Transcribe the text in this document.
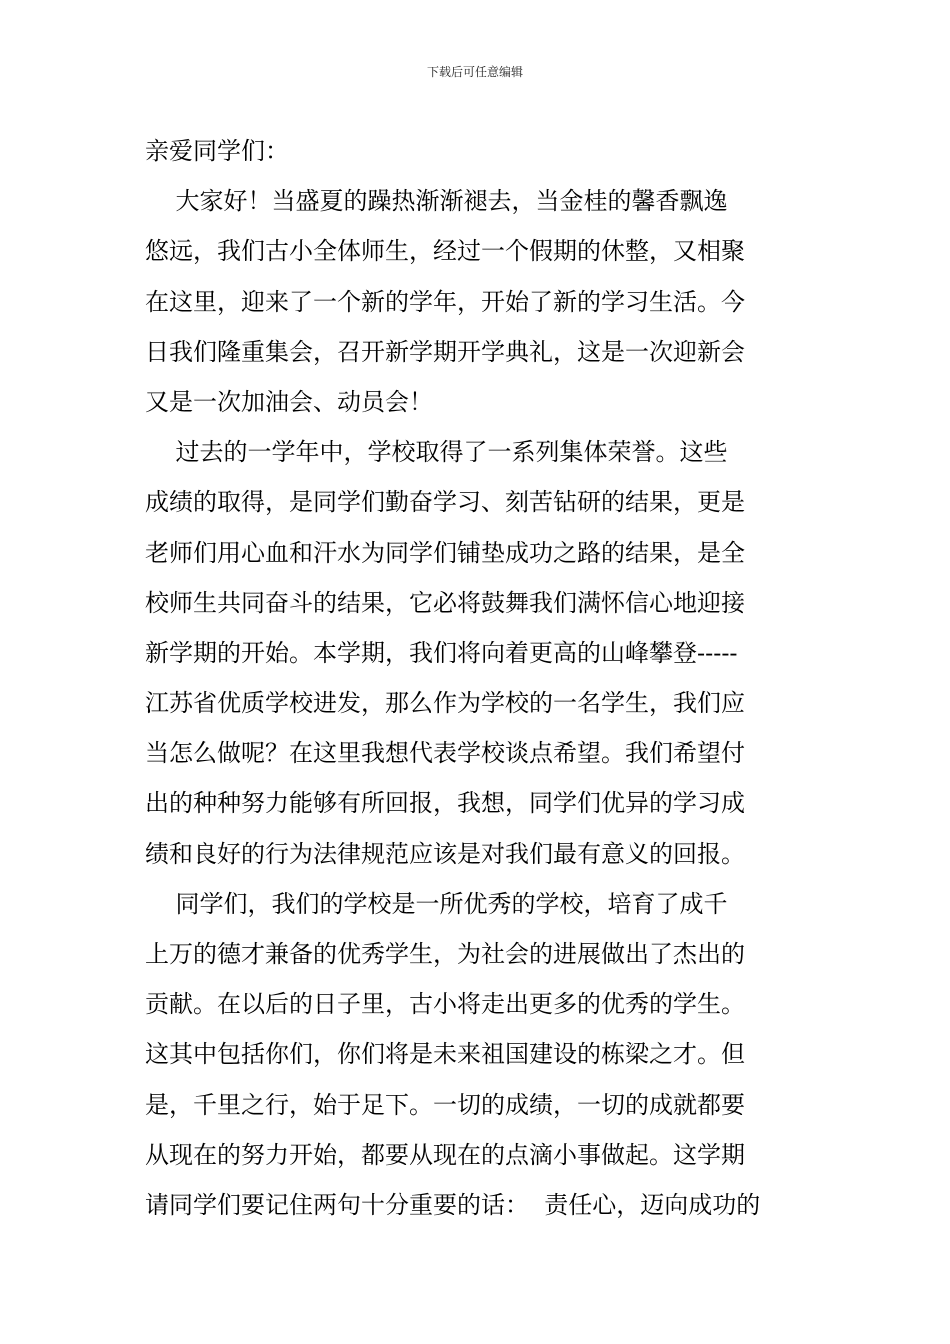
下载后可任意编辑
亲爱同学们：
大家好！当盛夏的躁热渐渐褪去，当金桂的馨香飘逸
悠远，我们古小全体师生，经过一个假期的休整，又相聚
在这里，迎来了一个新的学年，开始了新的学习生活。今
日我们隆重集会，召开新学期开学典礼，这是一次迎新会
又是一次加油会、动员会！
过去的一学年中，学校取得了一系列集体荣誉。这些
成绩的取得，是同学们勤奋学习、刻苦钻研的结果，更是
老师们用心血和汗水为同学们铺垫成功之路的结果，是全
校师生共同奋斗的结果，它必将鼓舞我们满怀信心地迎接
新学期的开始。本学期，我们将向着更高的山峰攀登-----
江苏省优质学校进发，那么作为学校的一名学生，我们应
当怎么做呢？在这里我想代表学校谈点希望。我们希望付
出的种种努力能够有所回报，我想，同学们优异的学习成
绩和良好的行为法律规范应该是对我们最有意义的回报。
同学们，我们的学校是一所优秀的学校，培育了成千
上万的德才兼备的优秀学生，为社会的进展做出了杰出的
贡献。在以后的日子里，古小将走出更多的优秀的学生。
这其中包括你们，你们将是未来祖国建设的栋梁之才。但
是，千里之行，始于足下。一切的成绩，一切的成就都要
从现在的努力开始，都要从现在的点滴小事做起。这学期
请同学们要记住两句十分重要的话：  责任心，迈向成功的
